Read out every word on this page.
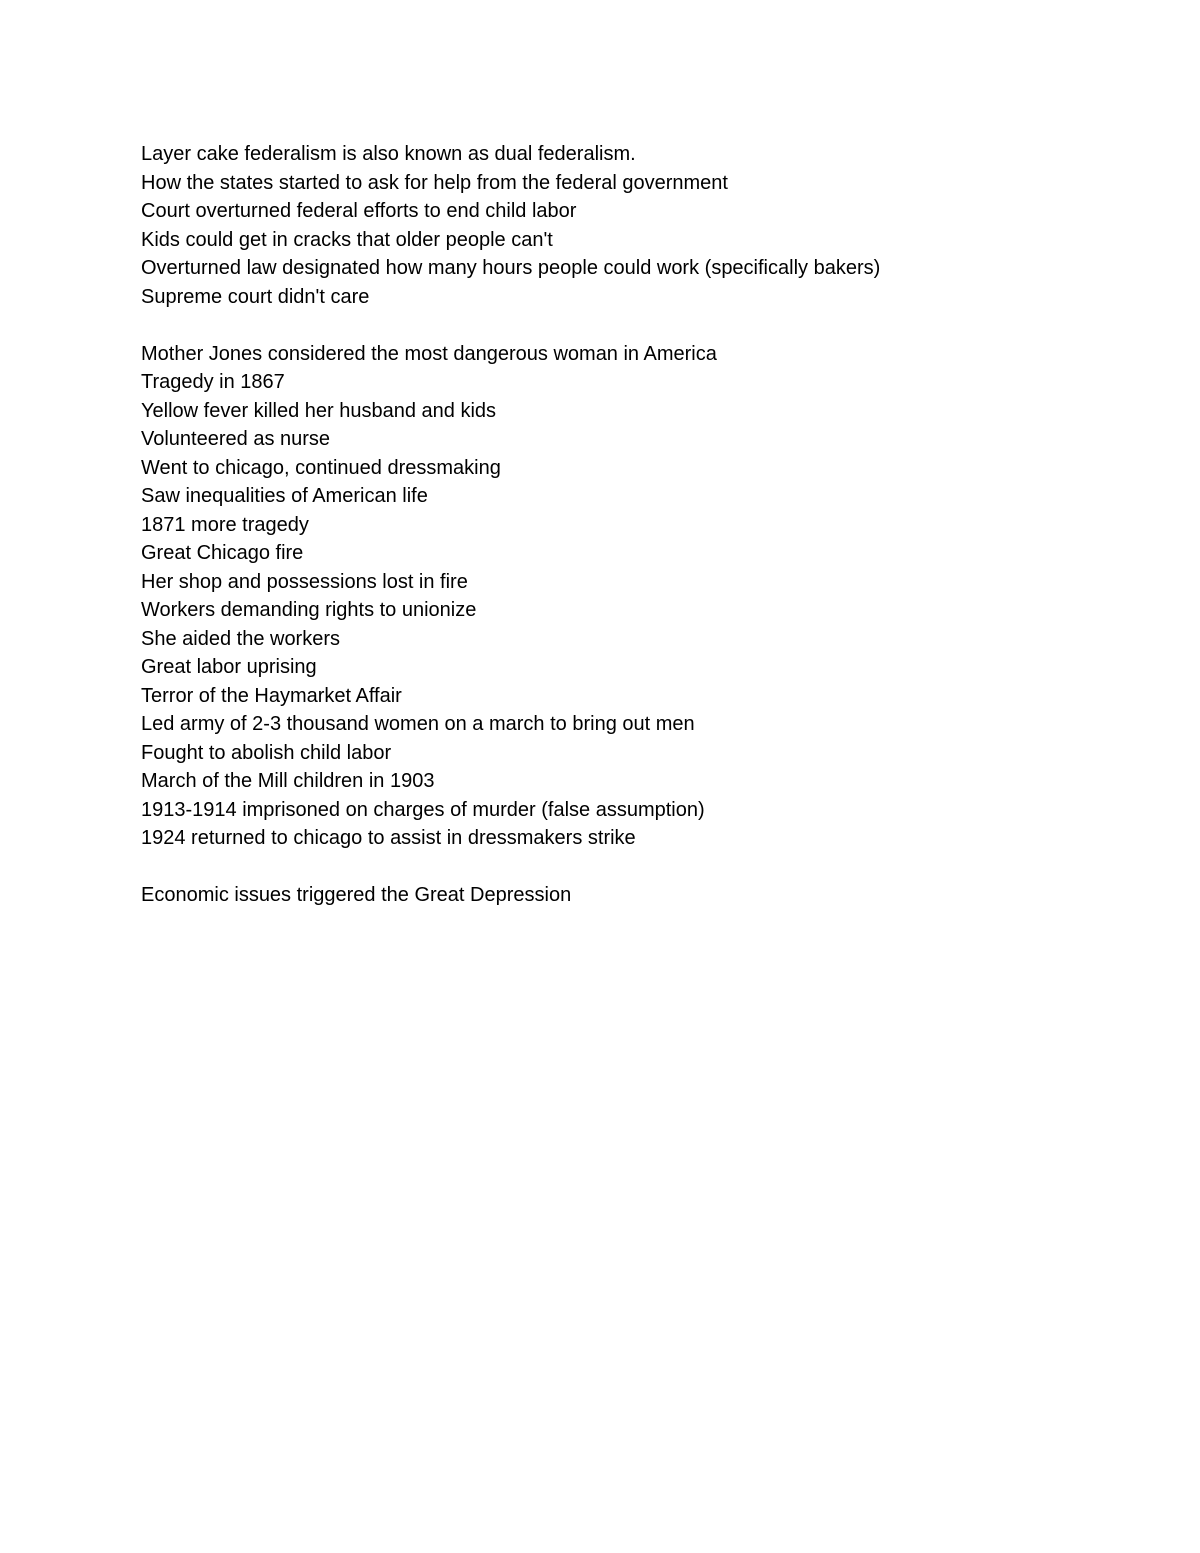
Layer cake federalism is also known as dual federalism.
How the states started to ask for help from the federal government
Court overturned federal efforts to end child labor
Kids could get in cracks that older people can't
Overturned law designated how many hours people could work (specifically bakers)
Supreme court didn't care
Mother Jones considered the most dangerous woman in America
Tragedy in 1867
Yellow fever killed her husband and kids
Volunteered as nurse
Went to chicago, continued dressmaking
Saw inequalities of American life
1871 more tragedy
Great Chicago fire
Her shop and possessions lost in fire
Workers demanding rights to unionize
She aided the workers
Great labor uprising
Terror of the Haymarket Affair
Led army of 2-3 thousand women on a march to bring out men
Fought to abolish child labor
March of the Mill children in 1903
1913-1914 imprisoned on charges of murder (false assumption)
1924 returned to chicago to assist in dressmakers strike
Economic issues triggered the Great Depression
